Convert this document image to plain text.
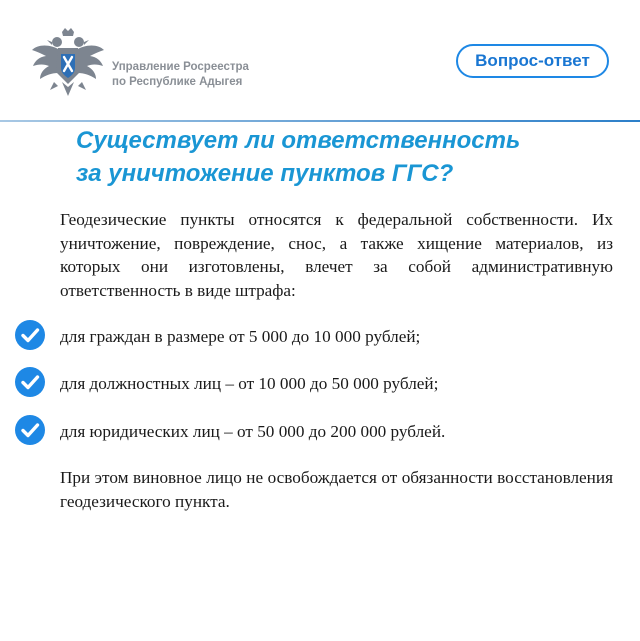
Управление Росреестра
по Республике Адыгея
Вопрос-ответ
Существует ли ответственность
за уничтожение пунктов ГГС?
Геодезические пункты относятся к федеральной собственности. Их уничтожение, повреждение, снос, а также хищение материалов, из которых они изготовлены, влечет за собой административную ответственность в виде штрафа:
для граждан в размере от 5 000 до 10 000 рублей;
для должностных лиц – от 10 000 до 50 000 рублей;
для юридических лиц – от 50 000 до 200 000 рублей.
При этом виновное лицо не освобождается от обязанности восстановления геодезического пункта.
